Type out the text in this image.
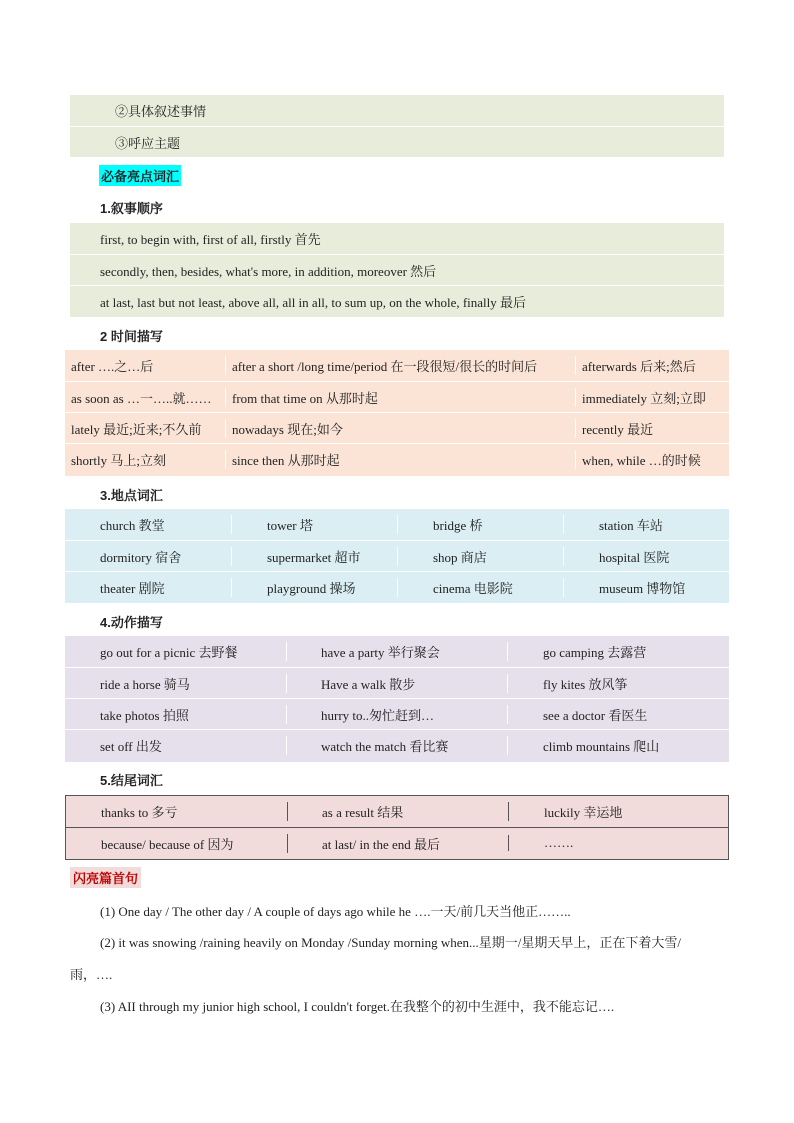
②具体叙述事情
③呼应主题
必备亮点词汇
1.叙事顺序
first, to begin with, first of all, firstly 首先
secondly, then, besides, what's more, in addition, moreover 然后
at last, last but not least, above all, all in all, to sum up, on the whole, finally 最后
2 时间描写
after ….之…后	after a short /long time/period 在一段很短/很长的时间后	afterwards 后来;然后
as soon as …一…..就……	from that time on 从那时起	immediately 立刻;立即
lately 最近;近来;不久前	nowadays 现在;如今	recently 最近
shortly 马上;立刻	since then 从那时起	when, while …的时候
3.地点词汇
church 教堂	tower 塔	bridge 桥	station 车站
dormitory 宿舍	supermarket 超市	shop 商店	hospital 医院
theater 剧院	playground 操场	cinema 电影院	museum 博物馆
4.动作描写
go out for a picnic 去野餐	have a party 举行聚会	go camping 去露营
ride a horse 骑马	Have a walk 散步	fly kites 放风筝
take photos 拍照	hurry to..匆忙赶到…	see a doctor 看医生
set off 出发	watch the match 看比赛	climb mountains 爬山
5.结尾词汇
thanks to 多亏	as a result 结果	luckily 幸运地
because/ because of 因为	at last/ in the end 最后	…….
闪亮篇首句
(1) One day / The other day / A couple of days ago while he ….一天/前几天当他正……..
(2) it was snowing /raining heavily on Monday /Sunday morning when...星期一/星期天早上，正在下着大雪/
雨，….
(3) AII through my junior high school, I couldn't forget.在我整个的初中生涯中，我不能忘记….
